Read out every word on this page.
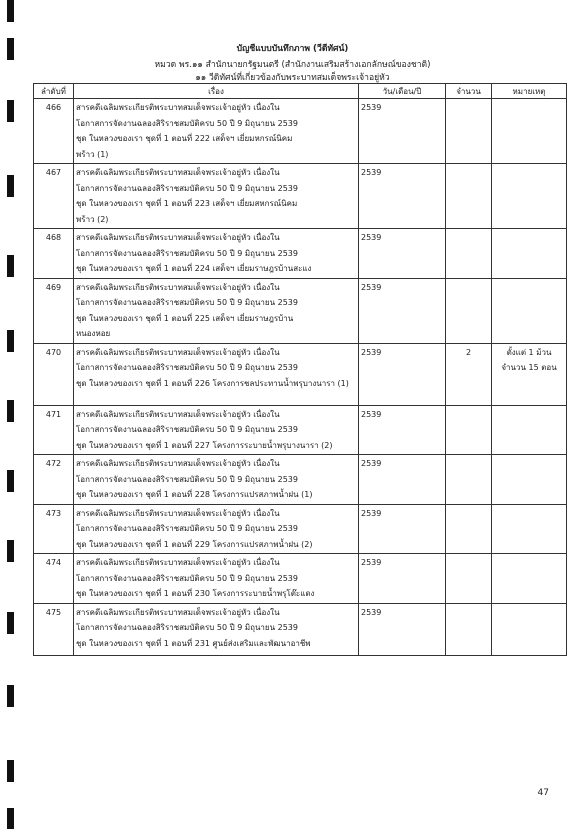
บัญชีแบบบันทึกภาพ (วีดีทัศน์)
หมวด พร.๑๑ สำนักนายกรัฐมนตรี (สำนักงานเสริมสร้างเอกลักษณ์ของชาติ)
๑๑ วีดิทัศน์ที่เกี่ยวข้องกับพระบาทสมเด็จพระเจ้าอยู่หัว
ลำดับที่	เรื่อง	วัน/เดือน/ปี	จำนวน	หมายเหตุ
466	สารคดีเฉลิมพระเกียรติพระบาทสมเด็จพระเจ้าอยู่หัว เนื่องใน
โอกาสการจัดงานฉลองสิริราชสมบัติครบ 50 ปี 9 มิถุนายน 2539
ชุด ในหลวงของเรา ชุดที่ 1 ตอนที่ 222 เสด็จฯ เยี่ยมหกรณ์นิคม
พร้าว (1)	2539		
467	สารคดีเฉลิมพระเกียรติพระบาทสมเด็จพระเจ้าอยู่หัว เนื่องใน
โอกาสการจัดงานฉลองสิริราชสมบัติครบ 50 ปี 9 มิถุนายน 2539
ชุด ในหลวงของเรา ชุดที่ 1 ตอนที่ 223 เสด็จฯ เยี่ยมสหกรณ์นิคม
พร้าว (2)	2539		
468	สารคดีเฉลิมพระเกียรติพระบาทสมเด็จพระเจ้าอยู่หัว เนื่องใน
โอกาสการจัดงานฉลองสิริราชสมบัติครบ 50 ปี 9 มิถุนายน 2539
ชุด ในหลวงของเรา ชุดที่ 1 ตอนที่ 224 เสด็จฯ เยี่ยมราษฎรบ้านสะแง	2539		
469	สารคดีเฉลิมพระเกียรติพระบาทสมเด็จพระเจ้าอยู่หัว เนื่องใน
โอกาสการจัดงานฉลองสิริราชสมบัติครบ 50 ปี 9 มิถุนายน 2539
ชุด ในหลวงของเรา ชุดที่ 1 ตอนที่ 225 เสด็จฯ เยี่ยมราษฎรบ้าน
หนองหอย	2539		
470	สารคดีเฉลิมพระเกียรติพระบาทสมเด็จพระเจ้าอยู่หัว เนื่องใน
โอกาสการจัดงานฉลองสิริราชสมบัติครบ 50 ปี 9 มิถุนายน 2539
ชุด ในหลวงของเรา ชุดที่ 1 ตอนที่ 226 โครงการชลประทานน้ำพรุบางนารา (1)	2539	2	ตั้งแต่ 1 ม้วน จำนวน 15 ตอน
471	สารคดีเฉลิมพระเกียรติพระบาทสมเด็จพระเจ้าอยู่หัว เนื่องใน
โอกาสการจัดงานฉลองสิริราชสมบัติครบ 50 ปี 9 มิถุนายน 2539
ชุด ในหลวงของเรา ชุดที่ 1 ตอนที่ 227 โครงการระบายน้ำพรุบางนารา (2)	2539		
472	สารคดีเฉลิมพระเกียรติพระบาทสมเด็จพระเจ้าอยู่หัว เนื่องใน
โอกาสการจัดงานฉลองสิริราชสมบัติครบ 50 ปี 9 มิถุนายน 2539
ชุด ในหลวงของเรา ชุดที่ 1 ตอนที่ 228 โครงการแปรสภาพน้ำฝน (1)	2539		
473	สารคดีเฉลิมพระเกียรติพระบาทสมเด็จพระเจ้าอยู่หัว เนื่องใน
โอกาสการจัดงานฉลองสิริราชสมบัติครบ 50 ปี 9 มิถุนายน 2539
ชุด ในหลวงของเรา ชุดที่ 1 ตอนที่ 229 โครงการแปรสภาพน้ำฝน (2)	2539		
474	สารคดีเฉลิมพระเกียรติพระบาทสมเด็จพระเจ้าอยู่หัว เนื่องใน
โอกาสการจัดงานฉลองสิริราชสมบัติครบ 50 ปี 9 มิถุนายน 2539
ชุด ในหลวงของเรา ชุดที่ 1 ตอนที่ 230 โครงการระบายน้ำพรุโต๊ะแดง	2539		
475	สารคดีเฉลิมพระเกียรติพระบาทสมเด็จพระเจ้าอยู่หัว เนื่องใน
โอกาสการจัดงานฉลองสิริราชสมบัติครบ 50 ปี 9 มิถุนายน 2539
ชุด ในหลวงของเรา ชุดที่ 1 ตอนที่ 231 ศูนย์ส่งเสริมและพัฒนาอาชีพ	2539		
47
